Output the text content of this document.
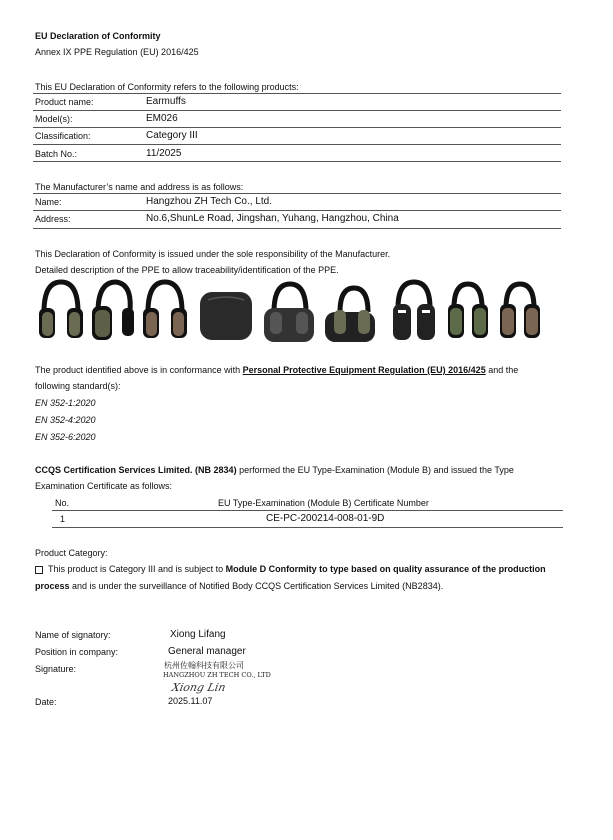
EU Declaration of Conformity
Annex IX PPE Regulation (EU) 2016/425
This EU Declaration of Conformity refers to the following products:
Product name:	Earmuffs
Model(s):	EM026
Classification:	Category III
Batch No.:	11/2025
The Manufacturer’s name and address is as follows:
Name:	Hangzhou ZH Tech Co., Ltd.
Address:	No.6,ShunLe Road, Jingshan, Yuhang, Hangzhou, China
This Declaration of Conformity is issued under the sole responsibility of the Manufacturer.
Detailed description of the PPE to allow traceability/identification of the PPE.
The product identified above is in conformance with Personal Protective Equipment Regulation (EU) 2016/425 and the
following standard(s):
EN 352-1:2020
EN 352-4:2020
EN 352-6:2020
CCQS Certification Services Limited. (NB 2834) performed the EU Type-Examination (Module B) and issued the Type
Examination Certificate as follows:
No.	EU Type-Examination (Module B) Certificate Number
1	CE-PC-200214-008-01-9D
Product Category:
This product is Category III and is subject to Module D Conformity to type based on quality assurance of the production
process and is under the surveillance of Notified Body CCQS Certification Services Limited (NB2834).
Name of signatory:	Xiong Lifang
Position in company:	General manager
Signature:	杭州佐翰科技有限公司
HANGZHOU ZH TECH CO., LTD
Xiong Lin
Date:	2025.11.07
